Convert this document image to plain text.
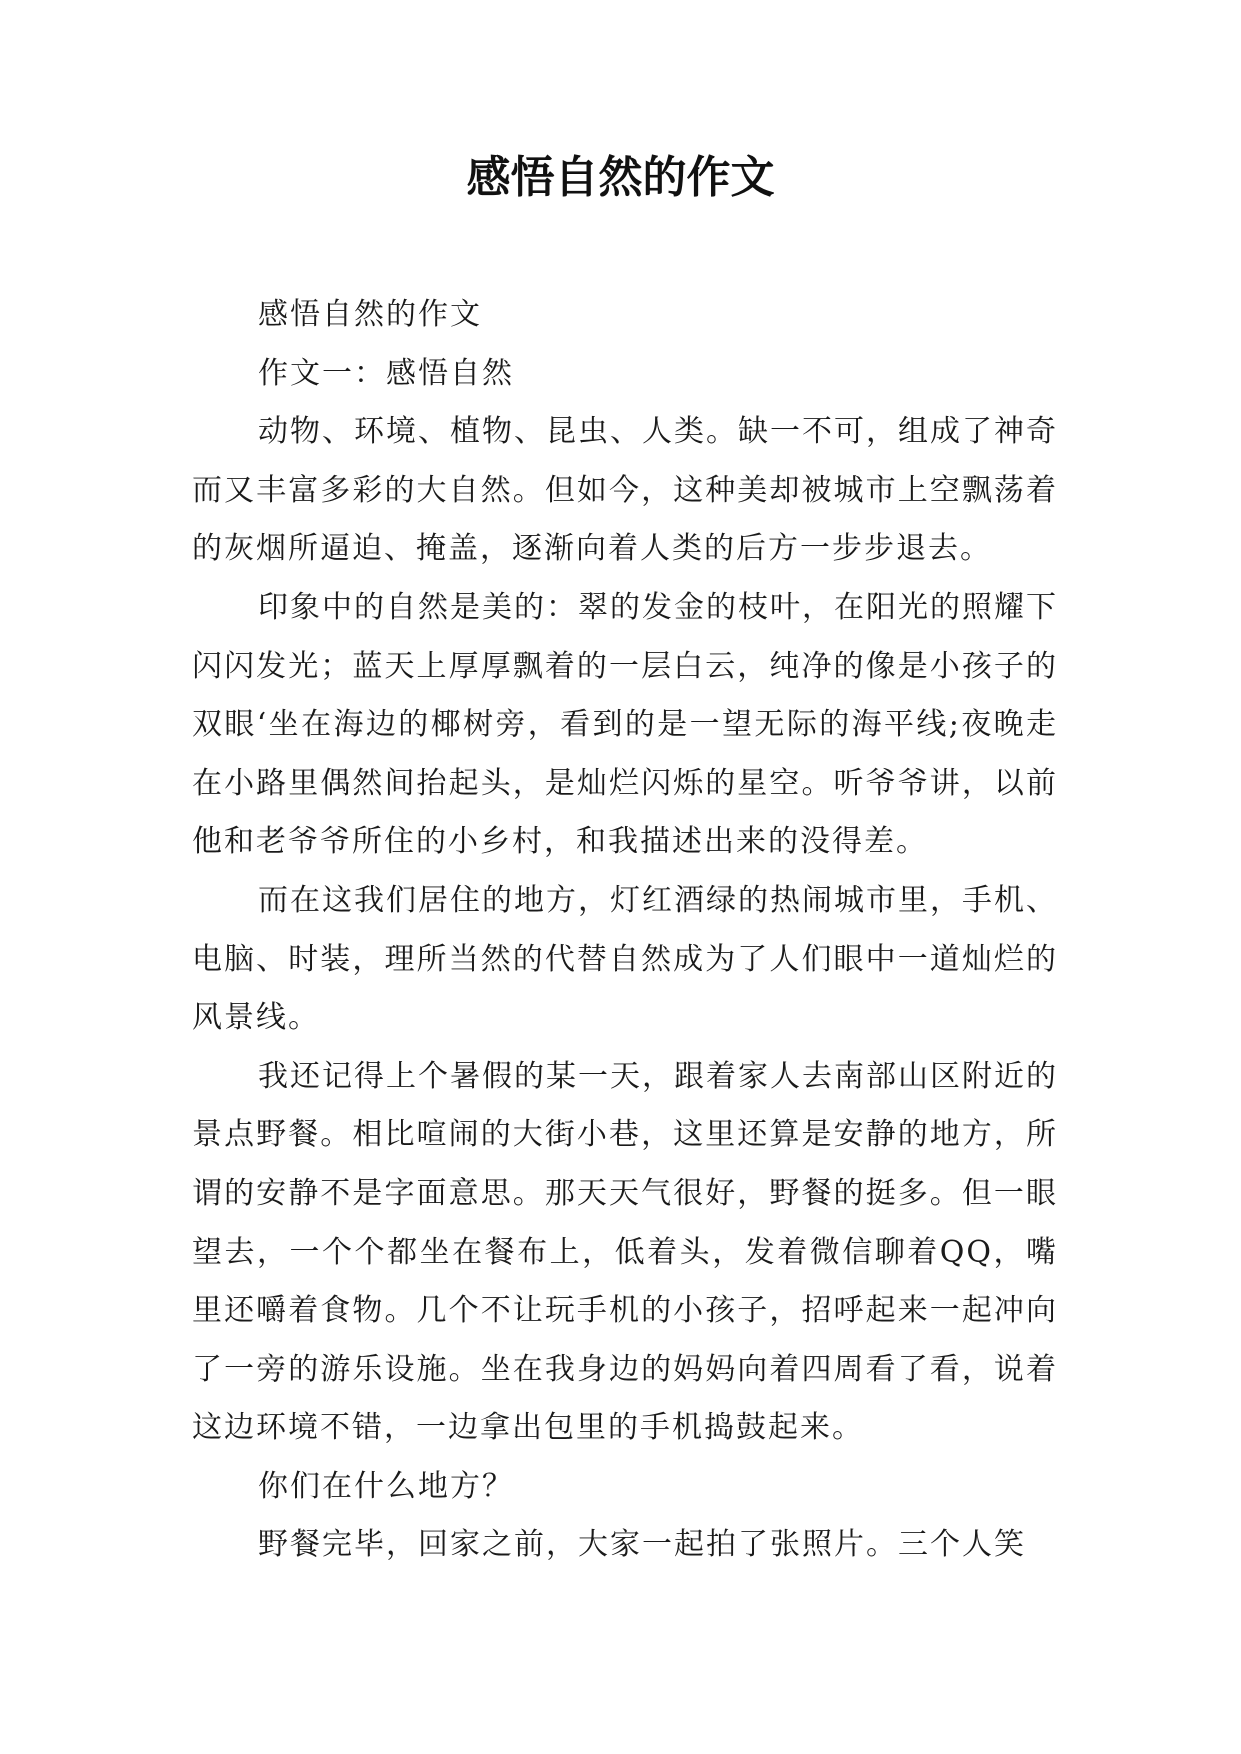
感悟自然的作文

感悟自然的作文

作文一：感悟自然

动物、环境、植物、昆虫、人类。缺一不可，组成了神奇而又丰富多彩的大自然。但如今，这种美却被城市上空飘荡着的灰烟所逼迫、掩盖，逐渐向着人类的后方一步步退去。

印象中的自然是美的：翠的发金的枝叶，在阳光的照耀下闪闪发光；蓝天上厚厚飘着的一层白云，纯净的像是小孩子的双眼‘坐在海边的椰树旁，看到的是一望无际的海平线;夜晚走在小路里偶然间抬起头，是灿烂闪烁的星空。听爷爷讲，以前他和老爷爷所住的小乡村，和我描述出来的没得差。

而在这我们居住的地方，灯红酒绿的热闹城市里，手机、电脑、时装，理所当然的代替自然成为了人们眼中一道灿烂的风景线。

我还记得上个暑假的某一天，跟着家人去南部山区附近的景点野餐。相比喧闹的大街小巷，这里还算是安静的地方，所谓的安静不是字面意思。那天天气很好，野餐的挺多。但一眼望去，一个个都坐在餐布上，低着头，发着微信聊着QQ，嘴里还嚼着食物。几个不让玩手机的小孩子，招呼起来一起冲向了一旁的游乐设施。坐在我身边的妈妈向着四周看了看，说着这边环境不错，一边拿出包里的手机捣鼓起来。

你们在什么地方？

野餐完毕，回家之前，大家一起拍了张照片。三个人笑
